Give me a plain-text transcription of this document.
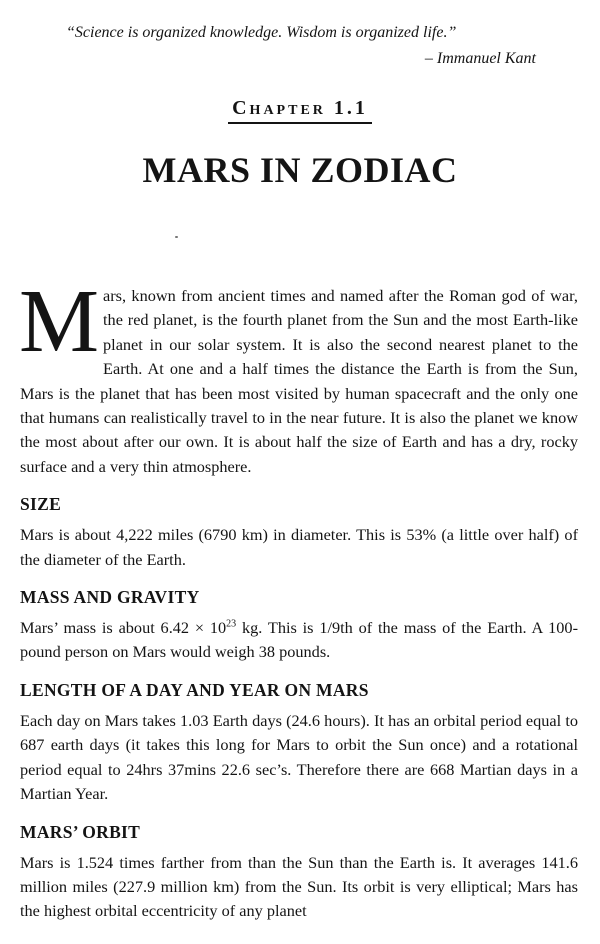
“Science is organized knowledge. Wisdom is organized life.”
– Immanuel Kant
Chapter 1.1
MARS IN ZODIAC

Mars, known from ancient times and named after the Roman god of war, the red planet, is the fourth planet from the Sun and the most Earth-like planet in our solar system. It is also the second nearest planet to the Earth. At one and a half times the distance the Earth is from the Sun, Mars is the planet that has been most visited by human spacecraft and the only one that humans can realistically travel to in the near future. It is also the planet we know the most about after our own. It is about half the size of Earth and has a dry, rocky surface and a very thin atmosphere.

SIZE

Mars is about 4,222 miles (6790 km) in diameter. This is 53% (a little over half) of the diameter of the Earth.

MASS AND GRAVITY

Mars’ mass is about $6.42 \times 10^{23}$ kg. This is 1/9th of the mass of the Earth. A 100-pound person on Mars would weigh 38 pounds.

LENGTH OF A DAY AND YEAR ON MARS

Each day on Mars takes 1.03 Earth days (24.6 hours). It has an orbital period equal to 687 earth days (it takes this long for Mars to orbit the Sun once) and a rotational period equal to 24hrs 37mins 22.6 sec’s. Therefore there are 668 Martian days in a Martian Year.

MARS’ ORBIT

Mars is 1.524 times farther from than the Sun than the Earth is. It averages 141.6 million miles (227.9 million km) from the Sun. Its orbit is very elliptical; Mars has the highest orbital eccentricity of any planet
